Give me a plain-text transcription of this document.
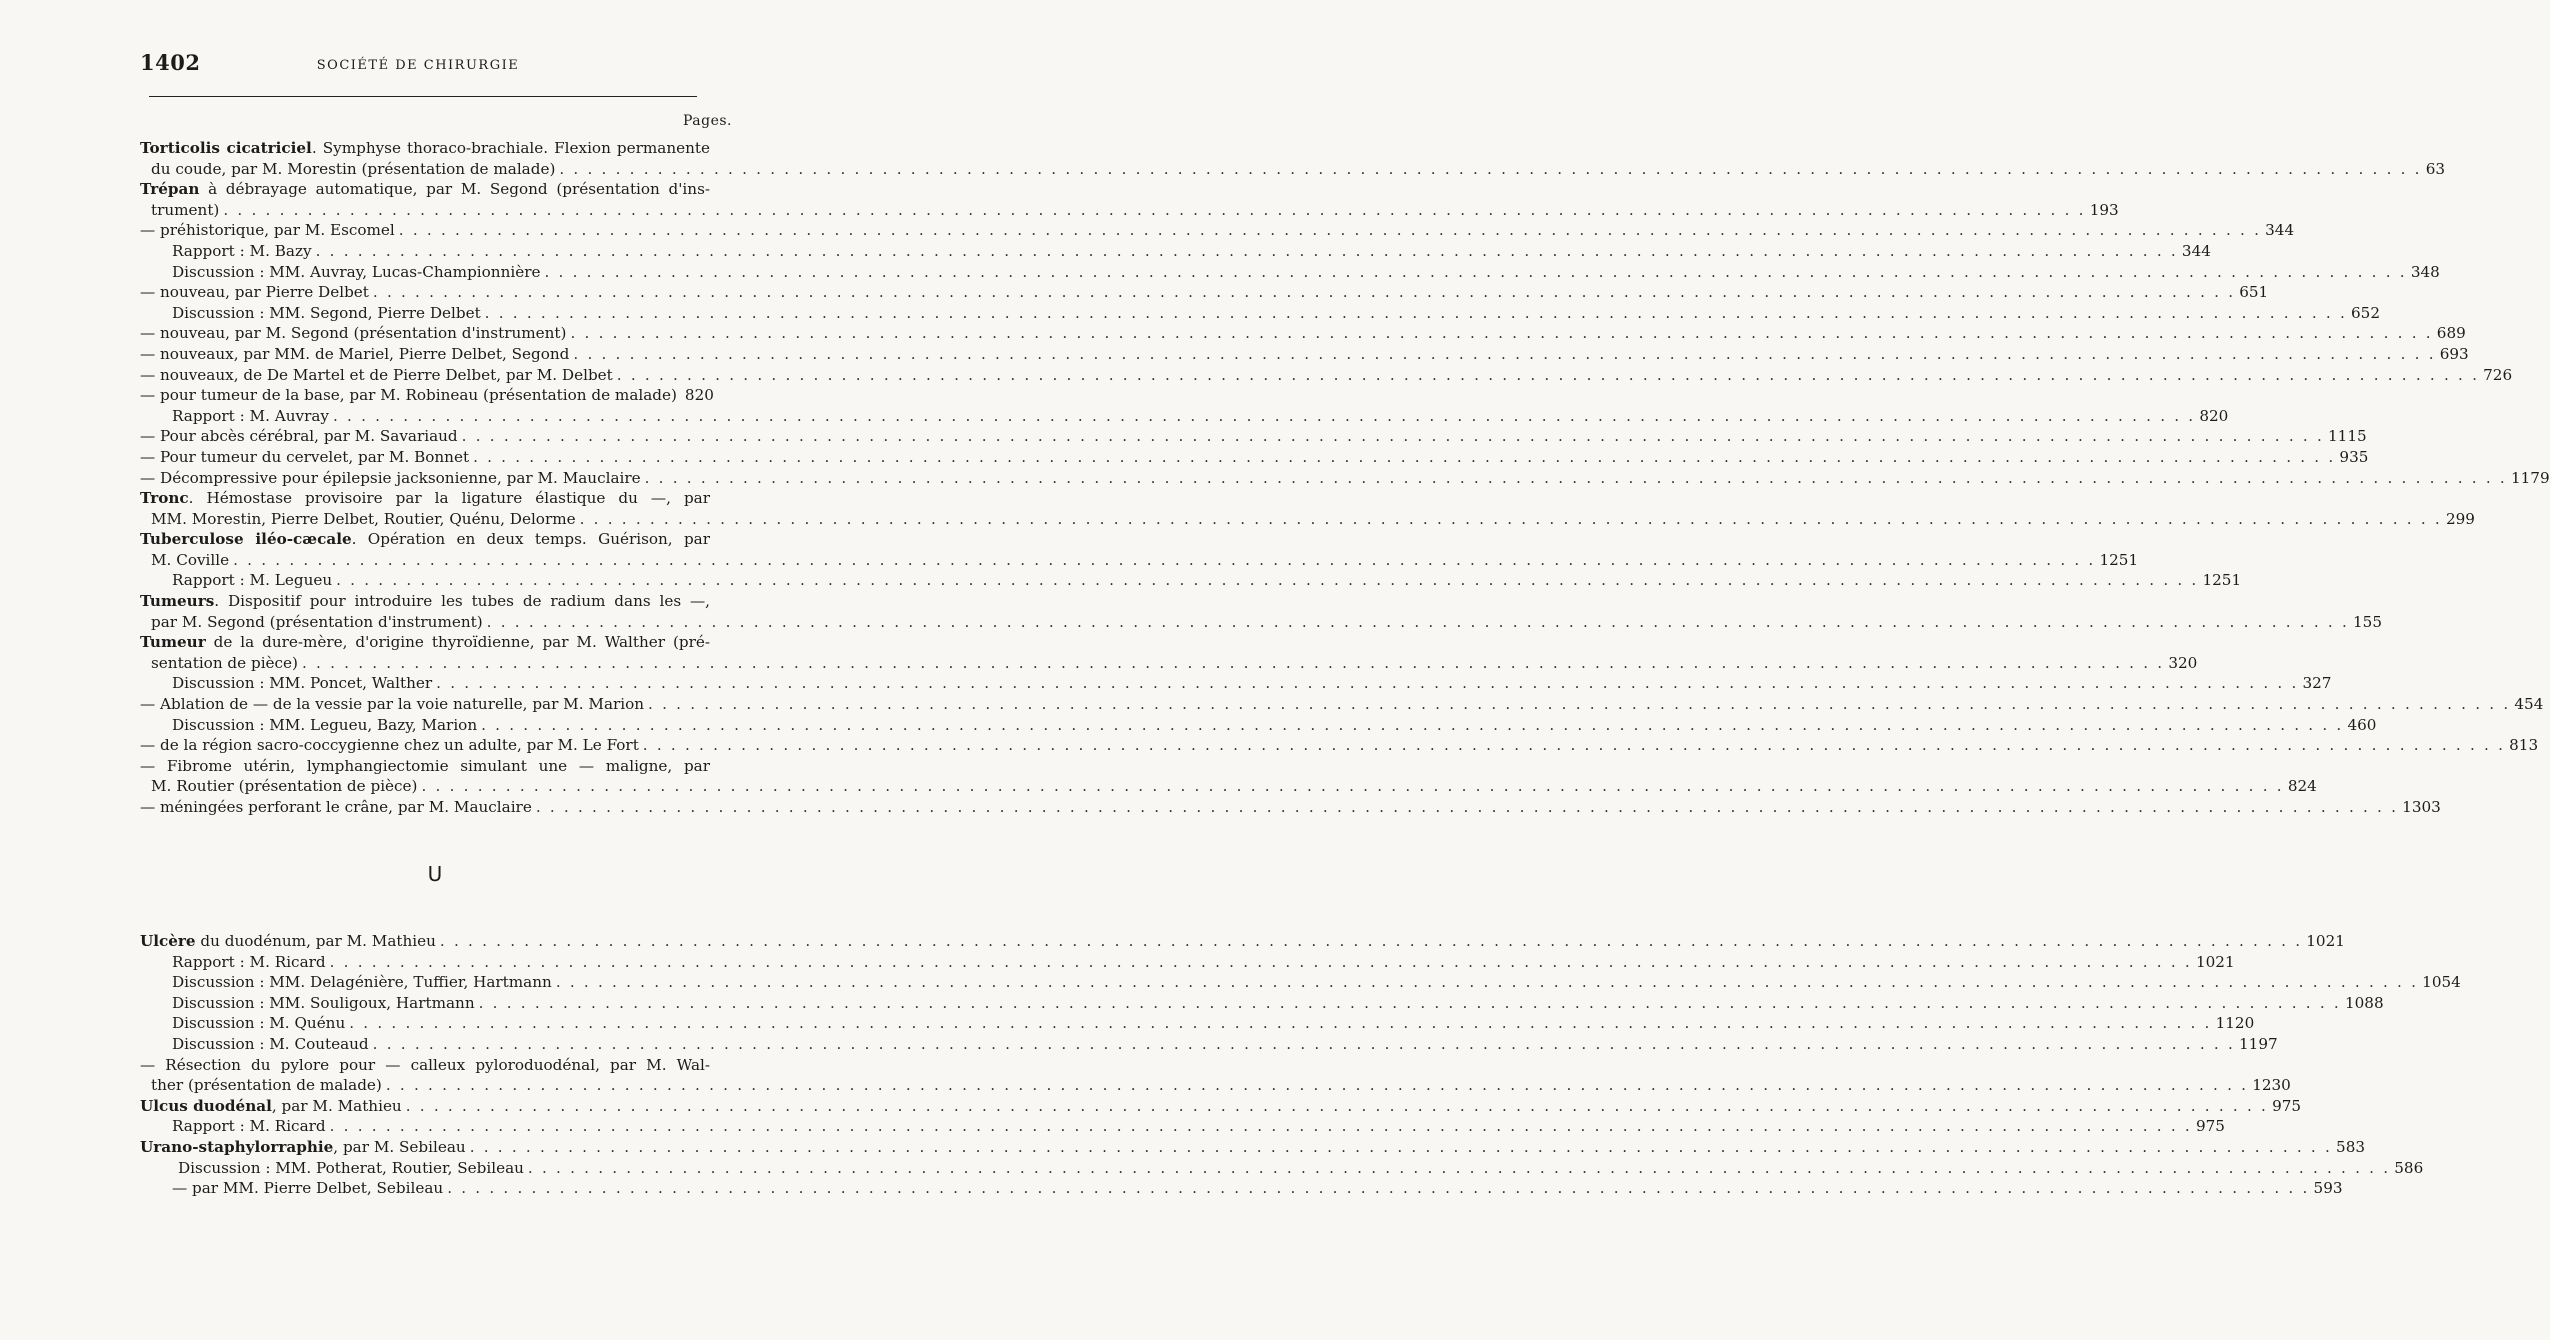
1402	SOCIÉTÉ DE CHIRURGIE
Pages.
Torticolis cicatriciel. Symphyse thoraco-brachiale. Flexion permanente
du coude, par M. Morestin (présentation de malade) . . .	63
Trépan à débrayage automatique, par M. Segond (présentation d'ins-
trument) . . .	193
— préhistorique, par M. Escomel . . .	344
Rapport : M. Bazy . . .	344
Discussion : MM. Auvray, Lucas-Championnière . . .	348
— nouveau, par Pierre Delbet . . .	651
Discussion : MM. Segond, Pierre Delbet . . .	652
— nouveau, par M. Segond (présentation d'instrument) . . .	689
— nouveaux, par MM. de Mariel, Pierre Delbet, Segond . . .	693
— nouveaux, de De Martel et de Pierre Delbet, par M. Delbet . . .	726
— pour tumeur de la base, par M. Robineau (présentation de malade) 820
Rapport : M. Auvray . . .	820
— Pour abcès cérébral, par M. Savariaud . . .	1115
— Pour tumeur du cervelet, par M. Bonnet . . .	935
— Décompressive pour épilepsie jacksonienne, par M. Mauclaire . . .	1179
Tronc. Hémostase provisoire par la ligature élastique du —, par
MM. Morestin, Pierre Delbet, Routier, Quénu, Delorme . . .	299
Tuberculose iléo-cæcale. Opération en deux temps. Guérison, par
M. Coville . . .	1251
Rapport : M. Legueu . . .	1251
Tumeurs. Dispositif pour introduire les tubes de radium dans les —,
par M. Segond (présentation d'instrument) . . .	155
Tumeur de la dure-mère, d'origine thyroïdienne, par M. Walther (pré-
sentation de pièce) . . .	320
Discussion : MM. Poncet, Walther . . .	327
— Ablation de — de la vessie par la voie naturelle, par M. Marion . . .	454
Discussion : MM. Legueu, Bazy, Marion . . .	460
— de la région sacro-coccygienne chez un adulte, par M. Le Fort . . .	813
— Fibrome utérin, lymphangiectomie simulant une — maligne, par
M. Routier (présentation de pièce) . . .	824
— méningées perforant le crâne, par M. Mauclaire . . .	1303
U
Ulcère du duodénum, par M. Mathieu . . .	1021
Rapport : M. Ricard . . .	1021
Discussion : MM. Delagénière, Tuffier, Hartmann . . .	1054
Discussion : MM. Souligoux, Hartmann . . .	1088
Discussion : M. Quénu . . .	1120
Discussion : M. Couteaud . . .	1197
— Résection du pylore pour — calleux pyloroduodénal, par M. Wal-
ther (présentation de malade) . . .	1230
Ulcus duodénal, par M. Mathieu . . .	975
Rapport : M. Ricard . . .	975
Urano-staphylorraphie, par M. Sebileau . . .	583
Discussion : MM. Potherat, Routier, Sebileau . . .	586
— par MM. Pierre Delbet, Sebileau . . .	593
